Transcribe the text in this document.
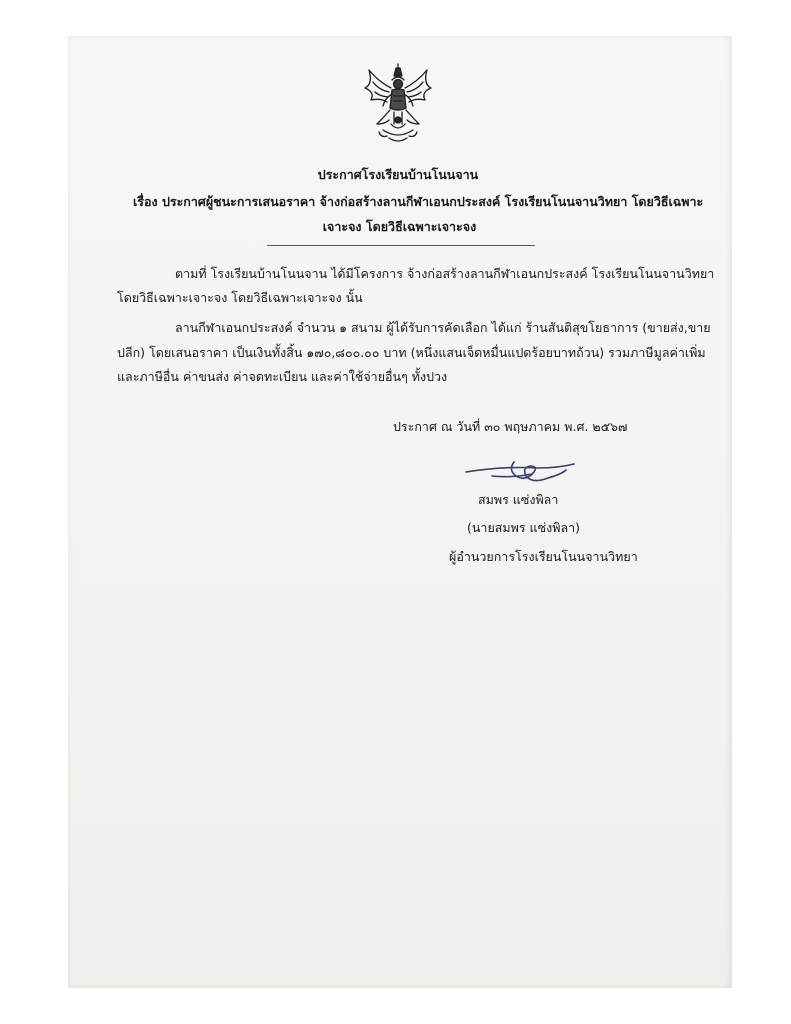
ประกาศโรงเรียนบ้านโนนจาน
เรื่อง ประกาศผู้ชนะการเสนอราคา จ้างก่อสร้างลานกีฬาเอนกประสงค์ โรงเรียนโนนจานวิทยา โดยวิธีเฉพาะ
เจาะจง โดยวิธีเฉพาะเจาะจง
ตามที่ โรงเรียนบ้านโนนจาน ได้มีโครงการ จ้างก่อสร้างลานกีฬาเอนกประสงค์ โรงเรียนโนนจานวิทยา
โดยวิธีเฉพาะเจาะจง โดยวิธีเฉพาะเจาะจง นั้น
ลานกีฬาเอนกประสงค์ จำนวน ๑ สนาม ผู้ได้รับการคัดเลือก ได้แก่ ร้านสันติสุขโยธาการ (ขายส่ง,ขาย
ปลีก) โดยเสนอราคา เป็นเงินทั้งสิ้น ๑๗๐,๘๐๐.๐๐ บาท (หนึ่งแสนเจ็ดหมื่นแปดร้อยบาทถ้วน) รวมภาษีมูลค่าเพิ่ม
และภาษีอื่น ค่าขนส่ง ค่าจดทะเบียน และค่าใช้จ่ายอื่นๆ ทั้งปวง
ประกาศ ณ วันที่ ๓๐ พฤษภาคม พ.ศ. ๒๕๖๗
สมพร แซ่งพิลา
(นายสมพร แซ่งพิลา)
ผู้อำนวยการโรงเรียนโนนจานวิทยา
